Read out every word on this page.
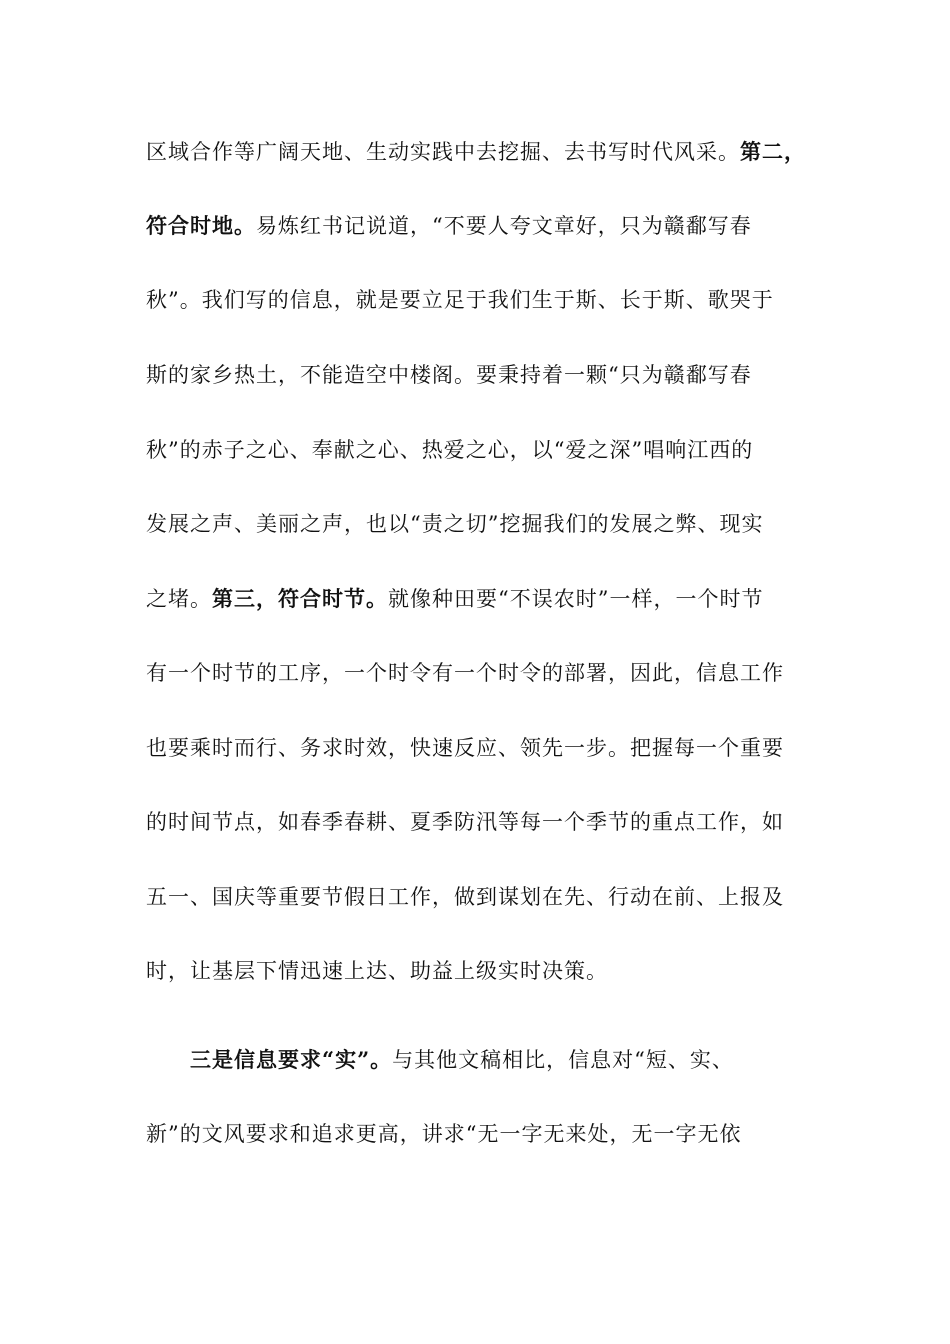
区域合作等广阔天地、生动实践中去挖掘、去书写时代风采。第二，
符合时地。易炼红书记说道，“不要人夸文章好，只为赣鄱写春
秋”。我们写的信息，就是要立足于我们生于斯、长于斯、歌哭于
斯的家乡热土，不能造空中楼阁。要秉持着一颗“只为赣鄱写春
秋”的赤子之心、奉献之心、热爱之心，以“爱之深”唱响江西的
发展之声、美丽之声，也以“责之切”挖掘我们的发展之弊、现实
之堵。第三，符合时节。就像种田要“不误农时”一样，一个时节
有一个时节的工序，一个时令有一个时令的部署，因此，信息工作
也要乘时而行、务求时效，快速反应、领先一步。把握每一个重要
的时间节点，如春季春耕、夏季防汛等每一个季节的重点工作，如
五一、国庆等重要节假日工作，做到谋划在先、行动在前、上报及
时，让基层下情迅速上达、助益上级实时决策。
三是信息要求“实”。与其他文稿相比，信息对“短、实、
新”的文风要求和追求更高，讲求“无一字无来处，无一字无依
